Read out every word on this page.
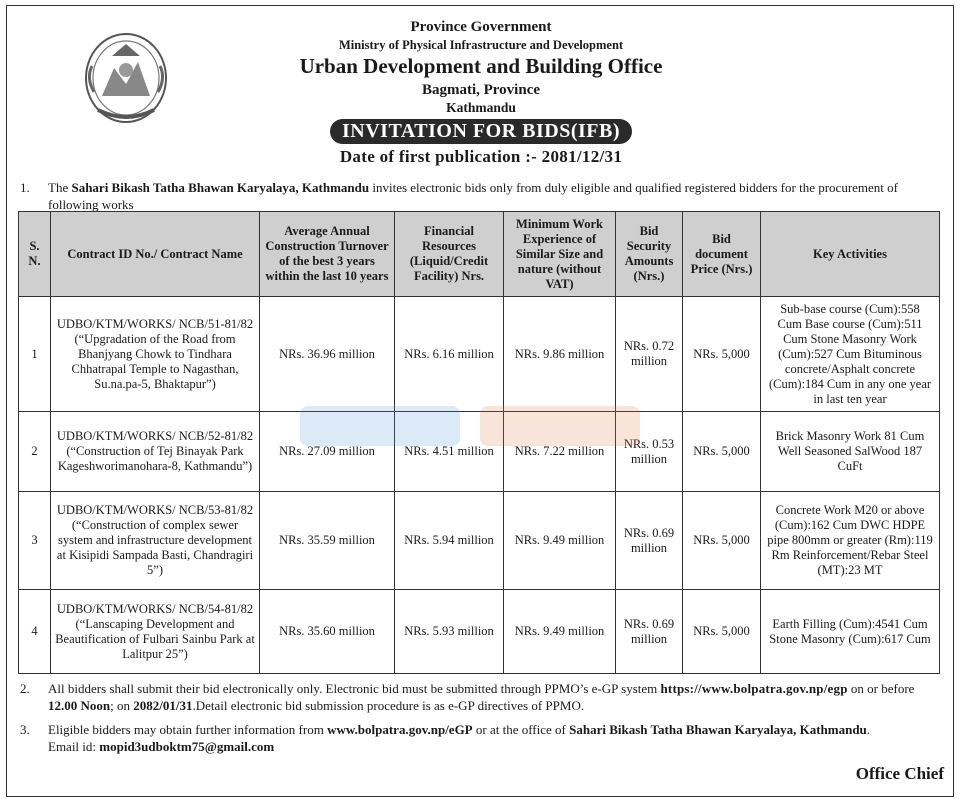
Province Government
Ministry of Physical Infrastructure and Development
Urban Development and Building Office
Bagmati, Province
Kathmandu
INVITATION FOR BIDS(IFB)
Date of first publication :- 2081/12/31
1. The Sahari Bikash Tatha Bhawan Karyalaya, Kathmandu invites electronic bids only from duly eligible and qualified registered bidders for the procurement of following works
S. N.	Contract ID No./ Contract Name	Average Annual Construction Turnover of the best 3 years within the last 10 years	Financial Resources (Liquid/Credit Facility) Nrs.	Minimum Work Experience of Similar Size and nature (without VAT)	Bid Security Amounts (Nrs.)	Bid document Price (Nrs.)	Key Activities
1	UDBO/KTM/WORKS/ NCB/51-81/82 (“Upgradation of the Road from Bhanjyang Chowk to Tindhara Chhatrapal Temple to Nagasthan, Su.na.pa-5, Bhaktapur”)	NRs. 36.96 million	NRs. 6.16 million	NRs. 9.86 million	NRs. 0.72 million	NRs. 5,000	Sub-base course (Cum):558 Cum Base course (Cum):511 Cum Stone Masonry Work (Cum):527 Cum Bituminous concrete/Asphalt concrete (Cum):184 Cum in any one year in last ten year
2	UDBO/KTM/WORKS/ NCB/52-81/82 (“Construction of Tej Binayak Park Kageshworimanohara-8, Kathmandu”)	NRs. 27.09 million	NRs. 4.51 million	NRs. 7.22 million	NRs. 0.53 million	NRs. 5,000	Brick Masonry Work 81 Cum Well Seasoned SalWood 187 CuFt
3	UDBO/KTM/WORKS/ NCB/53-81/82 (“Construction of complex sewer system and infrastructure development at Kisipidi Sampada Basti, Chandragiri 5”)	NRs. 35.59 million	NRs. 5.94 million	NRs. 9.49 million	NRs. 0.69 million	NRs. 5,000	Concrete Work M20 or above (Cum):162 Cum DWC HDPE pipe 800mm or greater (Rm):119 Rm Reinforcement/Rebar Steel (MT):23 MT
4	UDBO/KTM/WORKS/ NCB/54-81/82 (“Lanscaping Development and Beautification of Fulbari Sainbu Park at Lalitpur 25”)	NRs. 35.60 million	NRs. 5.93 million	NRs. 9.49 million	NRs. 0.69 million	NRs. 5,000	Earth Filling (Cum):4541 Cum Stone Masonry (Cum):617 Cum
2. All bidders shall submit their bid electronically only. Electronic bid must be submitted through PPMO’s e-GP system https://www.bolpatra.gov.np/egp on or before 12.00 Noon; on 2082/01/31.Detail electronic bid submission procedure is as e-GP directives of PPMO.
3. Eligible bidders may obtain further information from www.bolpatra.gov.np/eGP or at the office of Sahari Bikash Tatha Bhawan Karyalaya, Kathmandu.
Email id: mopid3udboktm75@gmail.com
Office Chief
